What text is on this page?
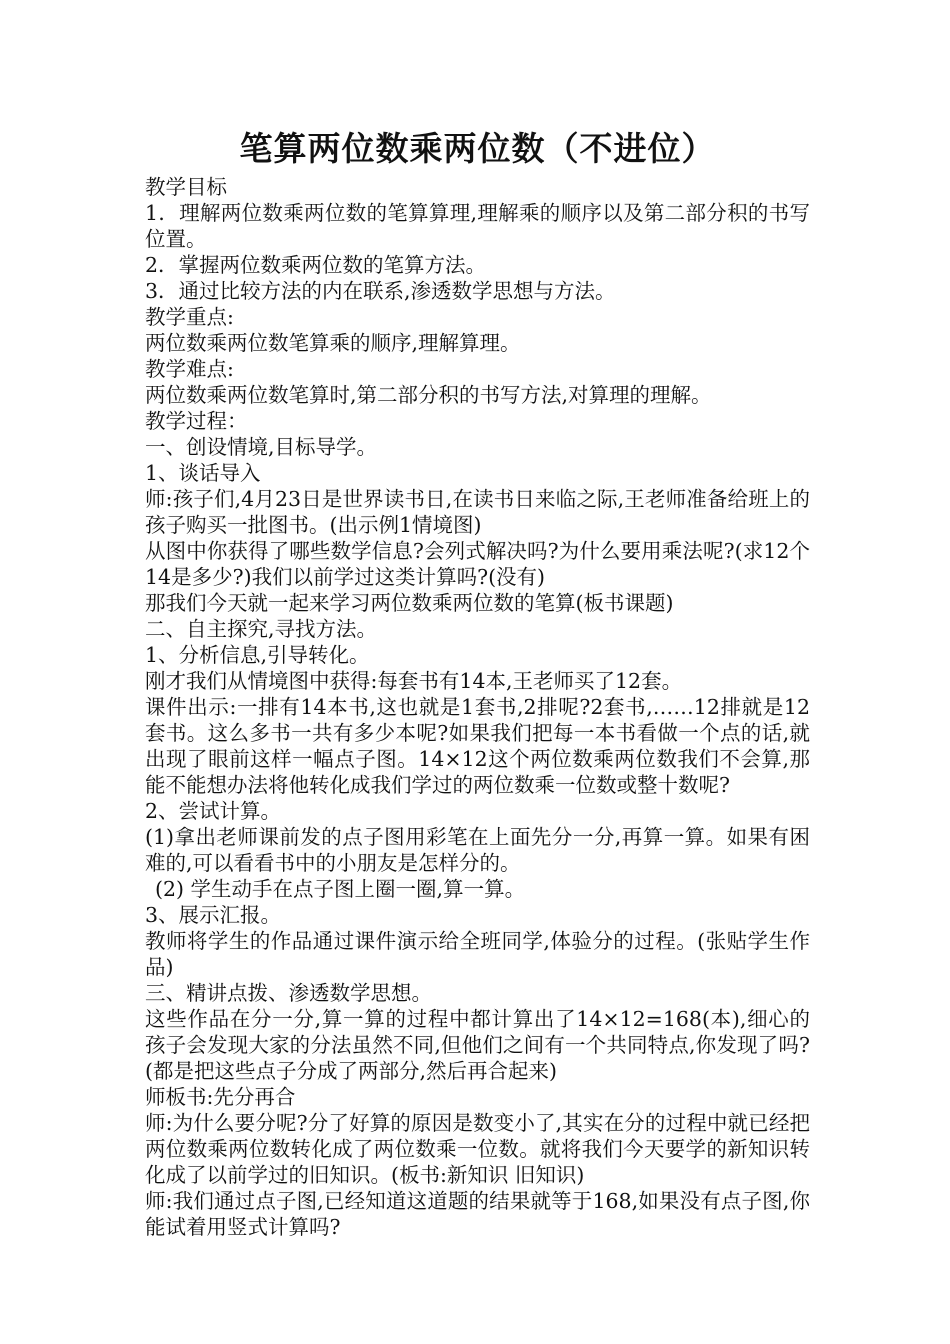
笔算两位数乘两位数（不进位）

教学目标

1．理解两位数乘两位数的笔算算理,理解乘的顺序以及第二部分积的书写位置。

2．掌握两位数乘两位数的笔算方法。

3．通过比较方法的内在联系,渗透数学思想与方法。

教学重点:

两位数乘两位数笔算乘的顺序,理解算理。

教学难点:

两位数乘两位数笔算时,第二部分积的书写方法,对算理的理解。

教学过程：

一、创设情境,目标导学。

1、谈话导入

师:孩子们,4月23日是世界读书日,在读书日来临之际,王老师准备给班上的孩子购买一批图书。(出示例1情境图)

从图中你获得了哪些数学信息?会列式解决吗?为什么要用乘法呢?(求12个14是多少?)我们以前学过这类计算吗?(没有)

那我们今天就一起来学习两位数乘两位数的笔算(板书课题)

二、自主探究,寻找方法。

1、分析信息,引导转化。

刚才我们从情境图中获得:每套书有14本,王老师买了12套。

课件出示:一排有14本书,这也就是1套书,2排呢?2套书,……12排就是12套书。这么多书一共有多少本呢?如果我们把每一本书看做一个点的话,就出现了眼前这样一幅点子图。14×12这个两位数乘两位数我们不会算,那能不能想办法将他转化成我们学过的两位数乘一位数或整十数呢?

2、尝试计算。

(1)拿出老师课前发的点子图用彩笔在上面先分一分,再算一算。如果有困难的,可以看看书中的小朋友是怎样分的。

(2) 学生动手在点子图上圈一圈,算一算。

3、展示汇报。

教师将学生的作品通过课件演示给全班同学,体验分的过程。(张贴学生作品)

三、精讲点拨、渗透数学思想。

这些作品在分一分,算一算的过程中都计算出了14×12=168(本),细心的孩子会发现大家的分法虽然不同,但他们之间有一个共同特点,你发现了吗?(都是把这些点子分成了两部分,然后再合起来)

师板书:先分再合

师:为什么要分呢?分了好算的原因是数变小了,其实在分的过程中就已经把两位数乘两位数转化成了两位数乘一位数。就将我们今天要学的新知识转化成了以前学过的旧知识。(板书:新知识 旧知识)

师:我们通过点子图,已经知道这道题的结果就等于168,如果没有点子图,你能试着用竖式计算吗?
